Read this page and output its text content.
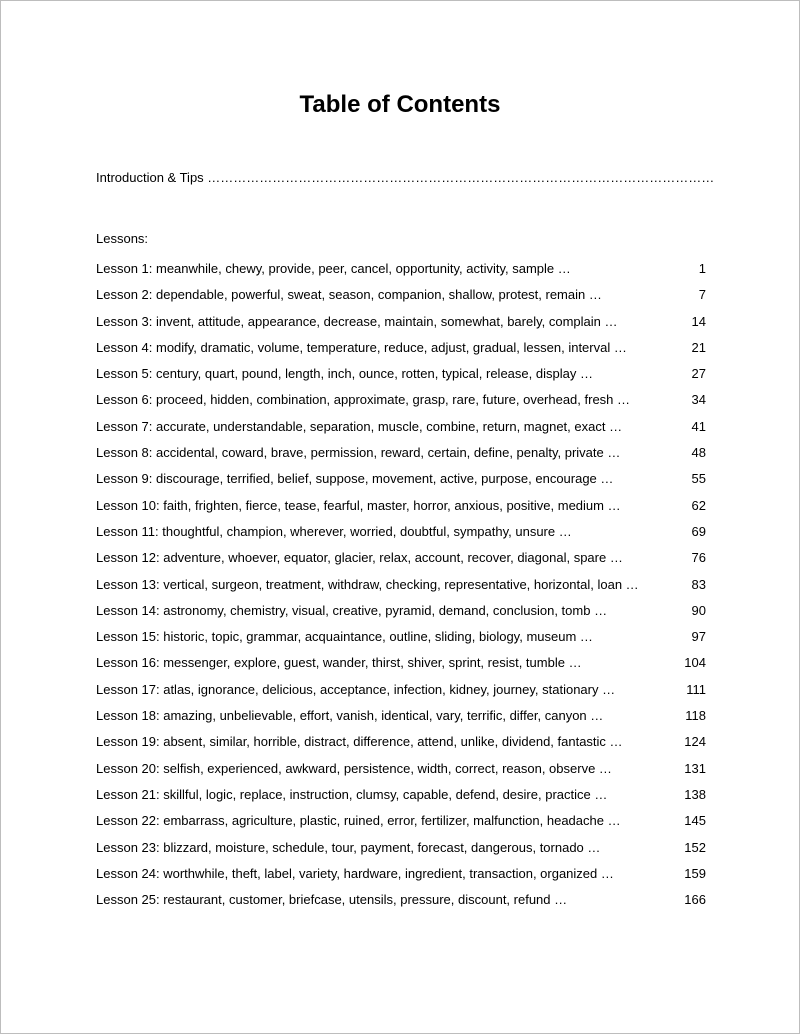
Table of Contents
Introduction & Tips ………………………………………………………………………………………………………
Lessons:
Lesson 1: meanwhile, chewy, provide, peer, cancel, opportunity, activity, sample …	1
Lesson 2: dependable, powerful, sweat, season, companion, shallow, protest, remain …	7
Lesson 3: invent, attitude, appearance, decrease, maintain, somewhat, barely, complain …	14
Lesson 4: modify, dramatic, volume, temperature, reduce, adjust, gradual, lessen, interval …	21
Lesson 5: century, quart, pound, length, inch, ounce, rotten, typical, release, display …	27
Lesson 6: proceed, hidden, combination, approximate, grasp, rare, future, overhead, fresh …	34
Lesson 7: accurate, understandable, separation, muscle, combine, return, magnet, exact …	41
Lesson 8: accidental, coward, brave, permission, reward, certain, define, penalty, private …	48
Lesson 9: discourage, terrified, belief, suppose, movement, active, purpose, encourage …	55
Lesson 10: faith, frighten, fierce, tease, fearful, master, horror, anxious, positive, medium …	62
Lesson 11: thoughtful, champion, wherever, worried, doubtful, sympathy, unsure …	69
Lesson 12: adventure, whoever, equator, glacier, relax, account, recover, diagonal, spare …	76
Lesson 13: vertical, surgeon, treatment, withdraw, checking, representative, horizontal, loan …	83
Lesson 14: astronomy, chemistry, visual, creative, pyramid, demand, conclusion, tomb …	90
Lesson 15: historic, topic, grammar, acquaintance, outline, sliding, biology, museum …	97
Lesson 16: messenger, explore, guest, wander, thirst, shiver, sprint, resist, tumble …	104
Lesson 17: atlas, ignorance, delicious, acceptance, infection, kidney, journey, stationary …	111
Lesson 18: amazing, unbelievable, effort, vanish, identical, vary, terrific, differ, canyon …	118
Lesson 19: absent, similar, horrible, distract, difference, attend, unlike, dividend, fantastic …	124
Lesson 20: selfish, experienced, awkward, persistence, width, correct, reason, observe …	131
Lesson 21: skillful, logic, replace, instruction, clumsy, capable, defend, desire, practice …	138
Lesson 22: embarrass, agriculture, plastic, ruined, error, fertilizer, malfunction, headache …	145
Lesson 23: blizzard, moisture, schedule, tour, payment, forecast, dangerous, tornado …	152
Lesson 24: worthwhile, theft, label, variety, hardware, ingredient, transaction, organized …	159
Lesson 25: restaurant, customer, briefcase, utensils, pressure, discount, refund …	166
